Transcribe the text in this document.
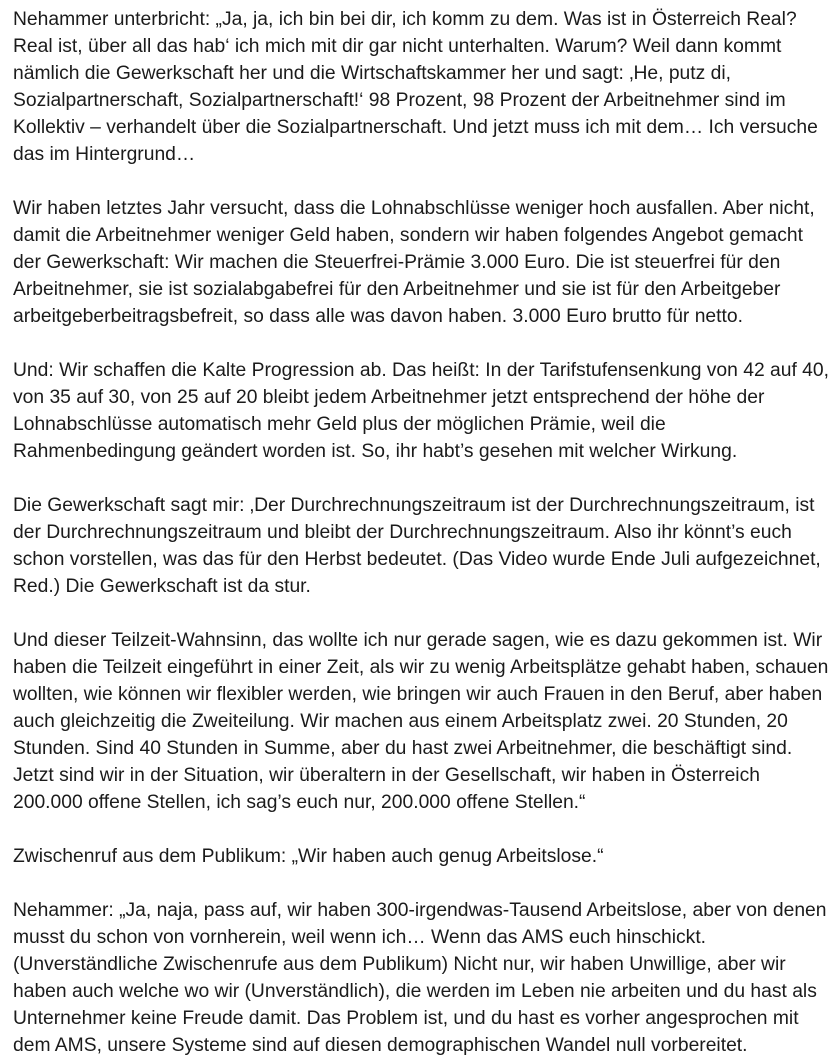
Nehammer unterbricht: „Ja, ja, ich bin bei dir, ich komm zu dem. Was ist in Österreich Real? Real ist, über all das hab‘ ich mich mit dir gar nicht unterhalten. Warum? Weil dann kommt nämlich die Gewerkschaft her und die Wirtschaftskammer her und sagt: ‚He, putz di, Sozialpartnerschaft, Sozialpartnerschaft!‘ 98 Prozent, 98 Prozent der Arbeitnehmer sind im Kollektiv – verhandelt über die Sozialpartnerschaft. Und jetzt muss ich mit dem… Ich versuche das im Hintergrund…

Wir haben letztes Jahr versucht, dass die Lohnabschlüsse weniger hoch ausfallen. Aber nicht, damit die Arbeitnehmer weniger Geld haben, sondern wir haben folgendes Angebot gemacht der Gewerkschaft: Wir machen die Steuerfrei-Prämie 3.000 Euro. Die ist steuerfrei für den Arbeitnehmer, sie ist sozialabgabefrei für den Arbeitnehmer und sie ist für den Arbeitgeber arbeitgeberbeitragsbefreit, so dass alle was davon haben. 3.000 Euro brutto für netto.

Und: Wir schaffen die Kalte Progression ab. Das heißt: In der Tarifstufensenkung von 42 auf 40, von 35 auf 30, von 25 auf 20 bleibt jedem Arbeitnehmer jetzt entsprechend der höhe der Lohnabschlüsse automatisch mehr Geld plus der möglichen Prämie, weil die Rahmenbedingung geändert worden ist. So, ihr habt’s gesehen mit welcher Wirkung.

Die Gewerkschaft sagt mir: ‚Der Durchrechnungszeitraum ist der Durchrechnungszeitraum, ist der Durchrechnungszeitraum und bleibt der Durchrechnungszeitraum. Also ihr könnt’s euch schon vorstellen, was das für den Herbst bedeutet. (Das Video wurde Ende Juli aufgezeichnet, Red.) Die Gewerkschaft ist da stur.

Und dieser Teilzeit-Wahnsinn, das wollte ich nur gerade sagen, wie es dazu gekommen ist. Wir haben die Teilzeit eingeführt in einer Zeit, als wir zu wenig Arbeitsplätze gehabt haben, schauen wollten, wie können wir flexibler werden, wie bringen wir auch Frauen in den Beruf, aber haben auch gleichzeitig die Zweiteilung. Wir machen aus einem Arbeitsplatz zwei. 20 Stunden, 20 Stunden. Sind 40 Stunden in Summe, aber du hast zwei Arbeitnehmer, die beschäftigt sind. Jetzt sind wir in der Situation, wir überaltern in der Gesellschaft, wir haben in Österreich 200.000 offene Stellen, ich sag’s euch nur, 200.000 offene Stellen.“

Zwischenruf aus dem Publikum: „Wir haben auch genug Arbeitslose.“

Nehammer: „Ja, naja, pass auf, wir haben 300-irgendwas-Tausend Arbeitslose, aber von denen musst du schon von vornherein, weil wenn ich… Wenn das AMS euch hinschickt. (Unverständliche Zwischenrufe aus dem Publikum) Nicht nur, wir haben Unwillige, aber wir haben auch welche wo wir (Unverständlich), die werden im Leben nie arbeiten und du hast als Unternehmer keine Freude damit. Das Problem ist, und du hast es vorher angesprochen mit dem AMS, unsere Systeme sind auf diesen demographischen Wandel null vorbereitet.
